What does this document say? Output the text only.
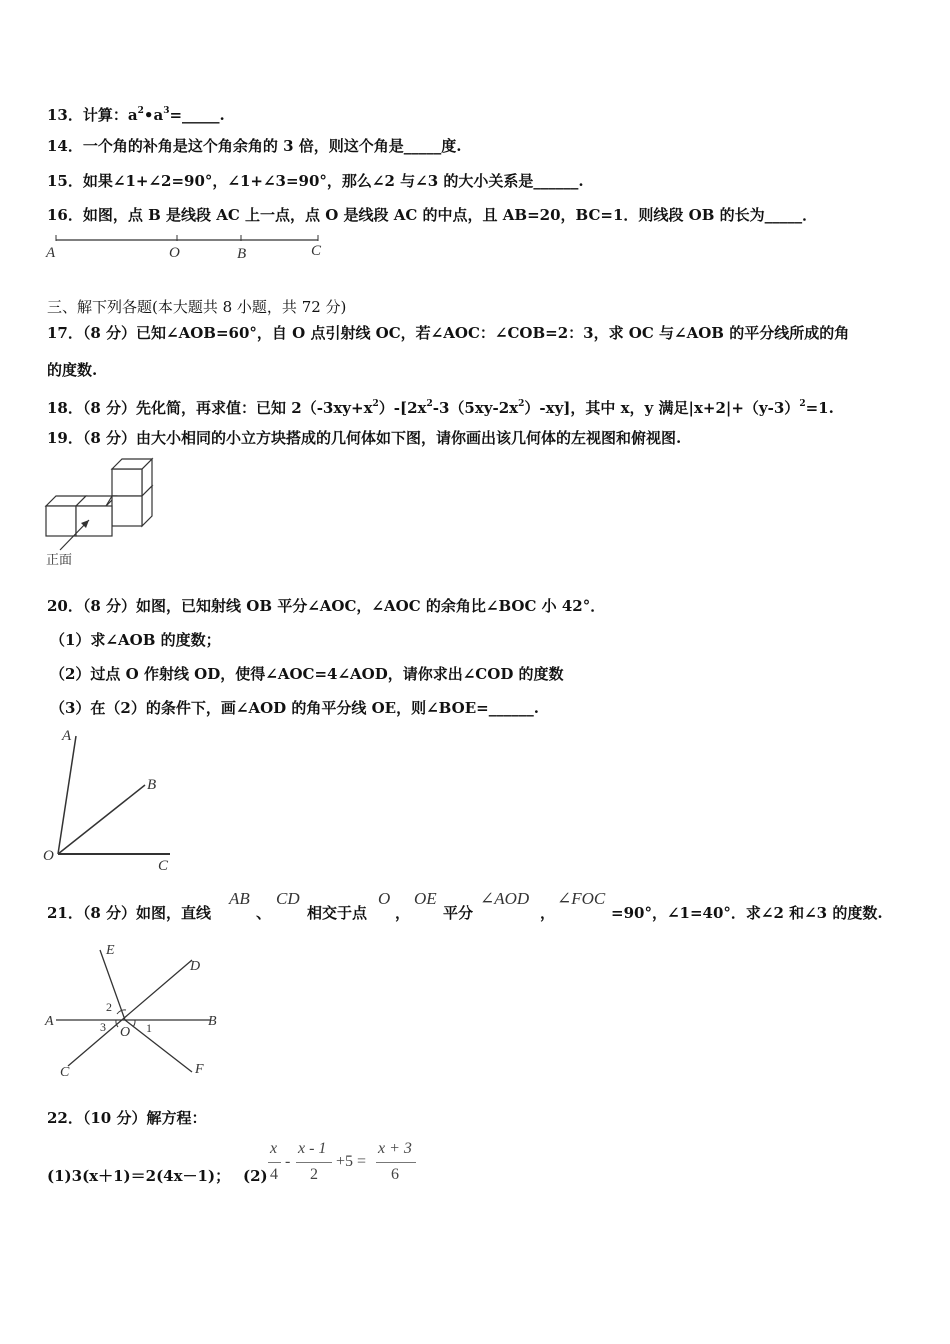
13．计算：$a^2•a^3=\_\_\_\_\_$.
14．一个角的补角是这个角余角的 3 倍，则这个角是_____度.
15．如果∠1+∠2=90°，∠1+∠3=90°，那么∠2 与∠3 的大小关系是______.
16．如图，点 B 是线段 AC 上一点，点 O 是线段 AC 的中点，且 AB=20，BC=1．则线段 OB 的长为_____．
A	O	B	C
三、解下列各题(本大题共 8 小题，共 72 分)
17．（8 分）已知∠AOB=60°，自 O 点引射线 OC，若∠AOC：∠COB=2：3，求 OC 与∠AOB 的平分线所成的角
的度数.
18．（8 分）先化简，再求值：已知 $2(-3xy+x^2)-[2x^2-3(5xy-2x^2)-xy]$，其中 x，y 满足$|x+2|+(y-3)^2=1$.
19．（8 分）由大小相同的小立方块搭成的几何体如下图，请你画出该几何体的左视图和俯视图.
正面
20．（8 分）如图，已知射线 OB 平分∠AOC，∠AOC 的余角比∠BOC 小 42°．
（1）求∠AOB 的度数；
（2）过点 O 作射线 OD，使得∠AOC=4∠AOD，请你求出∠COD 的度数
（3）在（2）的条件下，画∠AOD 的角平分线 OE，则∠BOE=______.
A
B
O
C
21．（8 分）如图，直线
AB
、
CD
相交于点
O
，
OE
平分
∠AOD
，
∠FOC
=90°，∠1=40°．求∠2 和∠3 的度数.
E
D
A	B
C	F
O 1
2
3
22．（10 分）解方程：
(1)3(x＋1)＝2(4x－1)； (2)
x
4
-
x - 1
2
+5 =
x + 3
6
